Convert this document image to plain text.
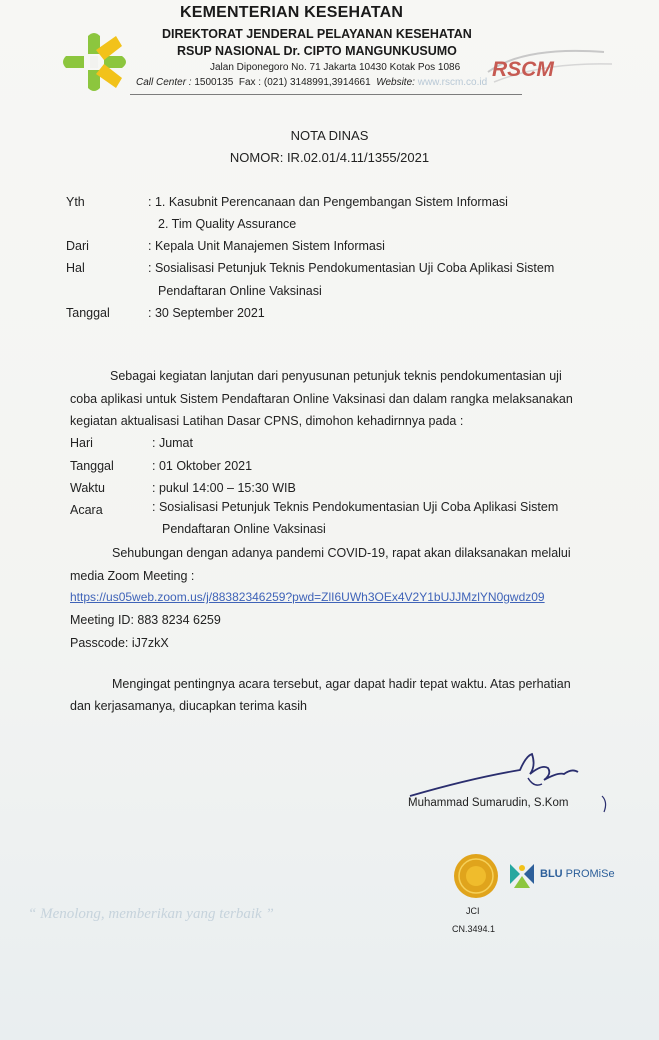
KEMENTERIAN KESEHATAN
DIREKTORAT JENDERAL PELAYANAN KESEHATAN
RSUP NASIONAL Dr. CIPTO MANGUNKUSUMO
Jalan Diponegoro No. 71 Jakarta 10430 Kotak Pos 1086
Call Center : 1500135 Fax : (021) 3148991,3914661 Website: www.rscm.co.id
RSCM
NOTA DINAS
NOMOR: IR.02.01/4.11/1355/2021
Yth	: 1. Kasubnit Perencanaan dan Pengembangan Sistem Informasi
2. Tim Quality Assurance
Dari	: Kepala Unit Manajemen Sistem Informasi
Hal	: Sosialisasi Petunjuk Teknis Pendokumentasian Uji Coba Aplikasi Sistem
Pendaftaran Online Vaksinasi
Tanggal	: 30 September 2021
Sebagai kegiatan lanjutan dari penyusunan petunjuk teknis pendokumentasian uji
coba aplikasi untuk Sistem Pendaftaran Online Vaksinasi dan dalam rangka melaksanakan
kegiatan aktualisasi Latihan Dasar CPNS, dimohon kehadirnnya pada :
Hari	: Jumat
Tanggal	: 01 Oktober 2021
Waktu	: pukul 14:00 – 15:30 WIB
Acara	: Sosialisasi Petunjuk Teknis Pendokumentasian Uji Coba Aplikasi Sistem
Pendaftaran Online Vaksinasi
Sehubungan dengan adanya pandemi COVID-19, rapat akan dilaksanakan melalui
media Zoom Meeting :
https://us05web.zoom.us/j/88382346259?pwd=ZlI6UWh3OEx4V2Y1bUJJMzlYN0gwdz09
Meeting ID: 883 8234 6259
Passcode: iJ7zkX
Mengingat pentingnya acara tersebut, agar dapat hadir tepat waktu. Atas perhatian
dan kerjasamanya, diucapkan terima kasih
Muhammad Sumarudin, S.Kom
JCI
CN.3494.1
BLU PROMiSe
“ Menolong, memberikan yang terbaik ”
